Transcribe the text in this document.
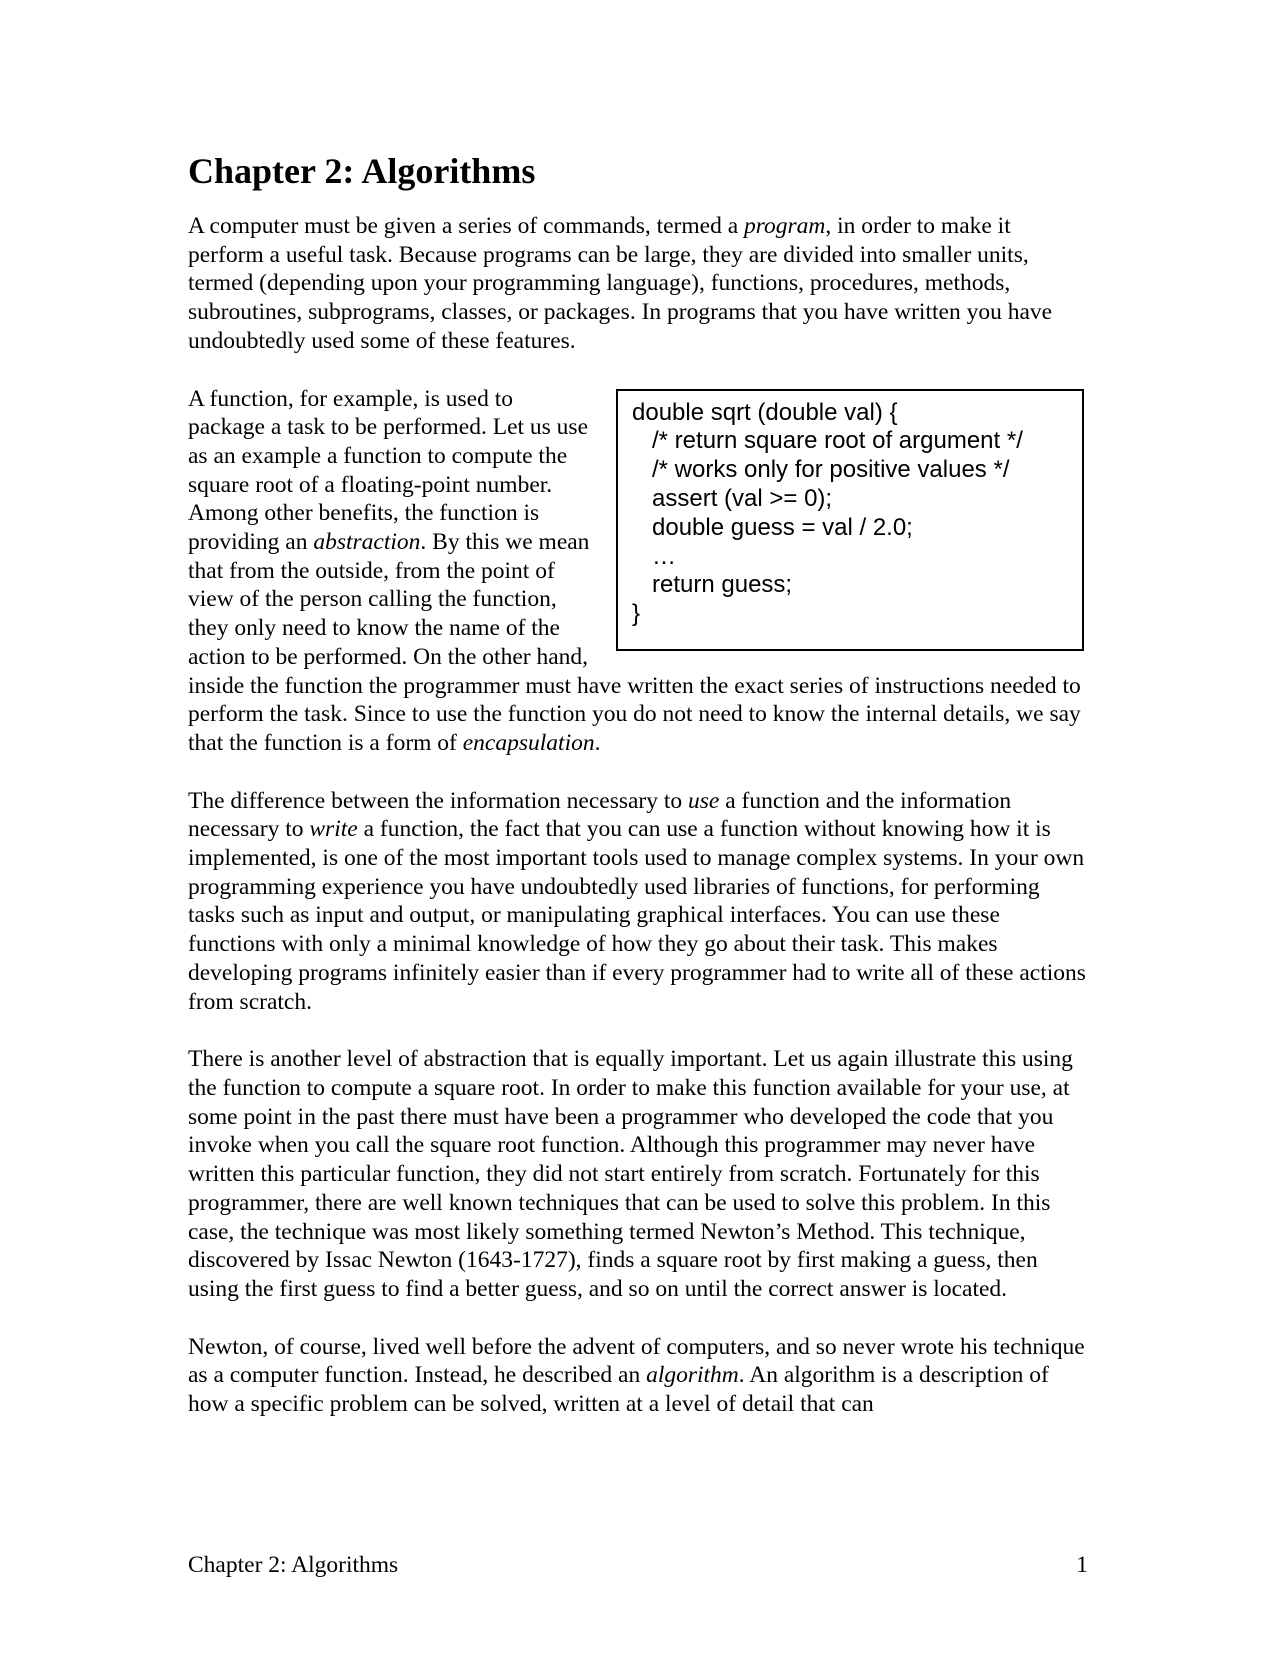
Chapter 2: Algorithms

A computer must be given a series of commands, termed a program, in order to make it perform a useful task. Because programs can be large, they are divided into smaller units, termed (depending upon your programming language), functions, procedures, methods, subroutines, subprograms, classes, or packages. In programs that you have written you have undoubtedly used some of these features.

double sqrt (double val) {
/* return square root of argument */
/* works only for positive values */
assert (val >= 0);
double guess = val / 2.0;
…
return guess;
}

A function, for example, is used to package a task to be performed. Let us use as an example a function to compute the square root of a floating-point number. Among other benefits, the function is providing an abstraction. By this we mean that from the outside, from the point of view of the person calling the function, they only need to know the name of the action to be performed. On the other hand, inside the function the programmer must have written the exact series of instructions needed to perform the task. Since to use the function you do not need to know the internal details, we say that the function is a form of encapsulation.

The difference between the information necessary to use a function and the information necessary to write a function, the fact that you can use a function without knowing how it is implemented, is one of the most important tools used to manage complex systems. In your own programming experience you have undoubtedly used libraries of functions, for performing tasks such as input and output, or manipulating graphical interfaces. You can use these functions with only a minimal knowledge of how they go about their task. This makes developing programs infinitely easier than if every programmer had to write all of these actions from scratch.

There is another level of abstraction that is equally important. Let us again illustrate this using the function to compute a square root. In order to make this function available for your use, at some point in the past there must have been a programmer who developed the code that you invoke when you call the square root function. Although this programmer may never have written this particular function, they did not start entirely from scratch. Fortunately for this programmer, there are well known techniques that can be used to solve this problem. In this case, the technique was most likely something termed Newton’s Method. This technique, discovered by Issac Newton (1643-1727), finds a square root by first making a guess, then using the first guess to find a better guess, and so on until the correct answer is located.

Newton, of course, lived well before the advent of computers, and so never wrote his technique as a computer function. Instead, he described an algorithm. An algorithm is a description of how a specific problem can be solved, written at a level of detail that can

Chapter 2: Algorithms	1
